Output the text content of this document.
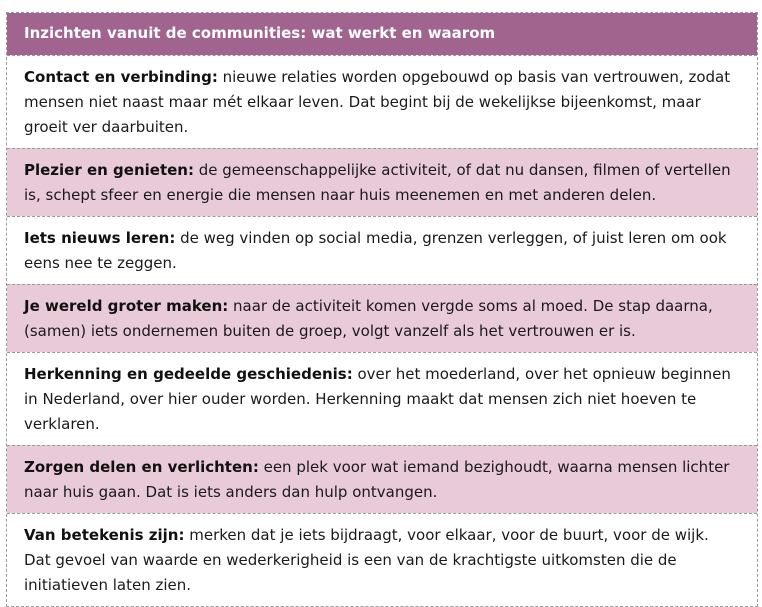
Inzichten vanuit de communities: wat werkt en waarom
Contact en verbinding: nieuwe relaties worden opgebouwd op basis van vertrouwen, zodat mensen niet naast maar mét elkaar leven. Dat begint bij de wekelijkse bijeenkomst, maar groeit ver daarbuiten.
Plezier en genieten: de gemeenschappelijke activiteit, of dat nu dansen, filmen of vertellen is, schept sfeer en energie die mensen naar huis meenemen en met anderen delen.
Iets nieuws leren: de weg vinden op social media, grenzen verleggen, of juist leren om ook eens nee te zeggen.
Je wereld groter maken: naar de activiteit komen vergde soms al moed. De stap daarna, (samen) iets ondernemen buiten de groep, volgt vanzelf als het vertrouwen er is.
Herkenning en gedeelde geschiedenis: over het moederland, over het opnieuw beginnen in Nederland, over hier ouder worden. Herkenning maakt dat mensen zich niet hoeven te verklaren.
Zorgen delen en verlichten: een plek voor wat iemand bezighoudt, waarna mensen lichter naar huis gaan. Dat is iets anders dan hulp ontvangen.
Van betekenis zijn: merken dat je iets bijdraagt, voor elkaar, voor de buurt, voor de wijk. Dat gevoel van waarde en wederkerigheid is een van de krachtigste uitkomsten die de initiatieven laten zien.
